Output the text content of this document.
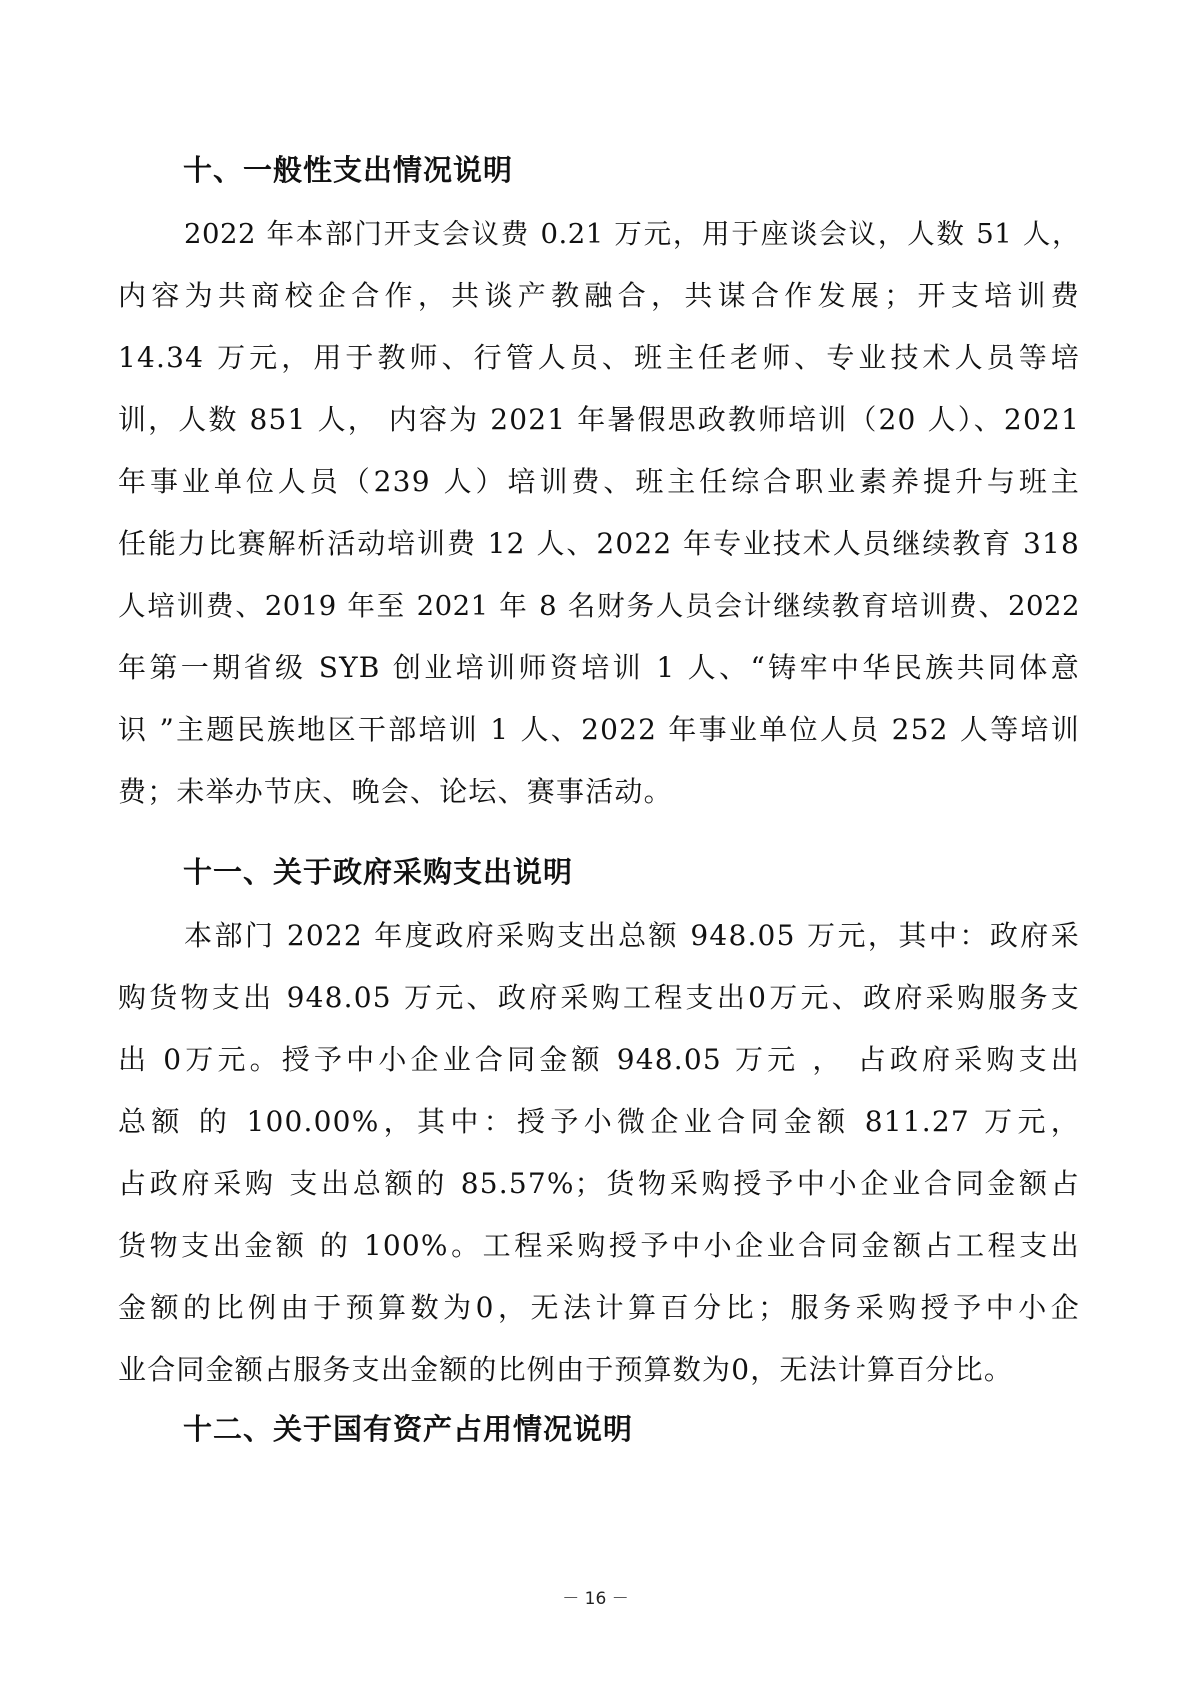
十、一般性支出情况说明
2022 年本部门开支会议费 0.21 万元，用于座谈会议，人数 51 人，
内容为共商校企合作，共谈产教融合，共谋合作发展；开支培训费
14.34 万元，用于教师、行管人员、班主任老师、专业技术人员等培
训，人数 851 人， 内容为 2021 年暑假思政教师培训（20 人）、2021
年事业单位人员（239 人）培训费、班主任综合职业素养提升与班主
任能力比赛解析活动培训费 12 人、2022 年专业技术人员继续教育 318
人培训费、2019 年至 2021 年 8 名财务人员会计继续教育培训费、2022
年第一期省级 SYB 创业培训师资培训 1 人、“铸牢中华民族共同体意
识 ”主题民族地区干部培训 1 人、2022 年事业单位人员 252 人等培训
费；未举办节庆、晚会、论坛、赛事活动。
十一、关于政府采购支出说明
本部门 2022 年度政府采购支出总额 948.05 万元，其中：政府采
购货物支出 948.05 万元、政府采购工程支出0万元、政府采购服务支
出 0万元。授予中小企业合同金额 948.05 万元 ， 占政府采购支出
总额 的 100.00%，其中：授予小微企业合同金额 811.27 万元，
占政府采购 支出总额的 85.57%；货物采购授予中小企业合同金额占
货物支出金额 的 100%。工程采购授予中小企业合同金额占工程支出
金额的比例由于预算数为0，无法计算百分比；服务采购授予中小企
业合同金额占服务支出金额的比例由于预算数为0，无法计算百分比。
十二、关于国有资产占用情况说明
－ 16 －
